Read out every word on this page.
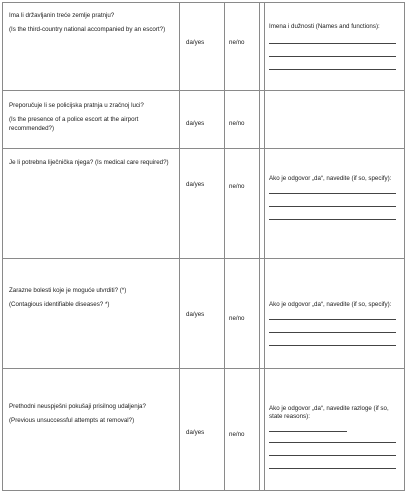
Ima li državljanin treće zemlje pratnju?

(Is the third-country national accompanied by an escort?)	da/yes	ne/no		Imena i dužnosti (Names and functions):

Preporučuje li se policijska pratnja u zračnoj luci?

(Is the presence of a police escort at the airport recommended?)	da/yes	ne/no		

Je li potrebna liječnička njega? (Is medical care required?)	da/yes	ne/no		Ako je odgovor „da“, navedite (if so, specify):

Zarazne bolesti koje je moguće utvrditi? (*)

(Contagious identifiable diseases? *)	da/yes	ne/no		Ako je odgovor „da“, navedite (if so, specify):

Prethodni neuspješni pokušaji prisilnog udaljenja?

(Previous unsuccessful attempts at removal?)	da/yes	ne/no		Ako je odgovor „da“, navedite razloge (if so, state reasons):
